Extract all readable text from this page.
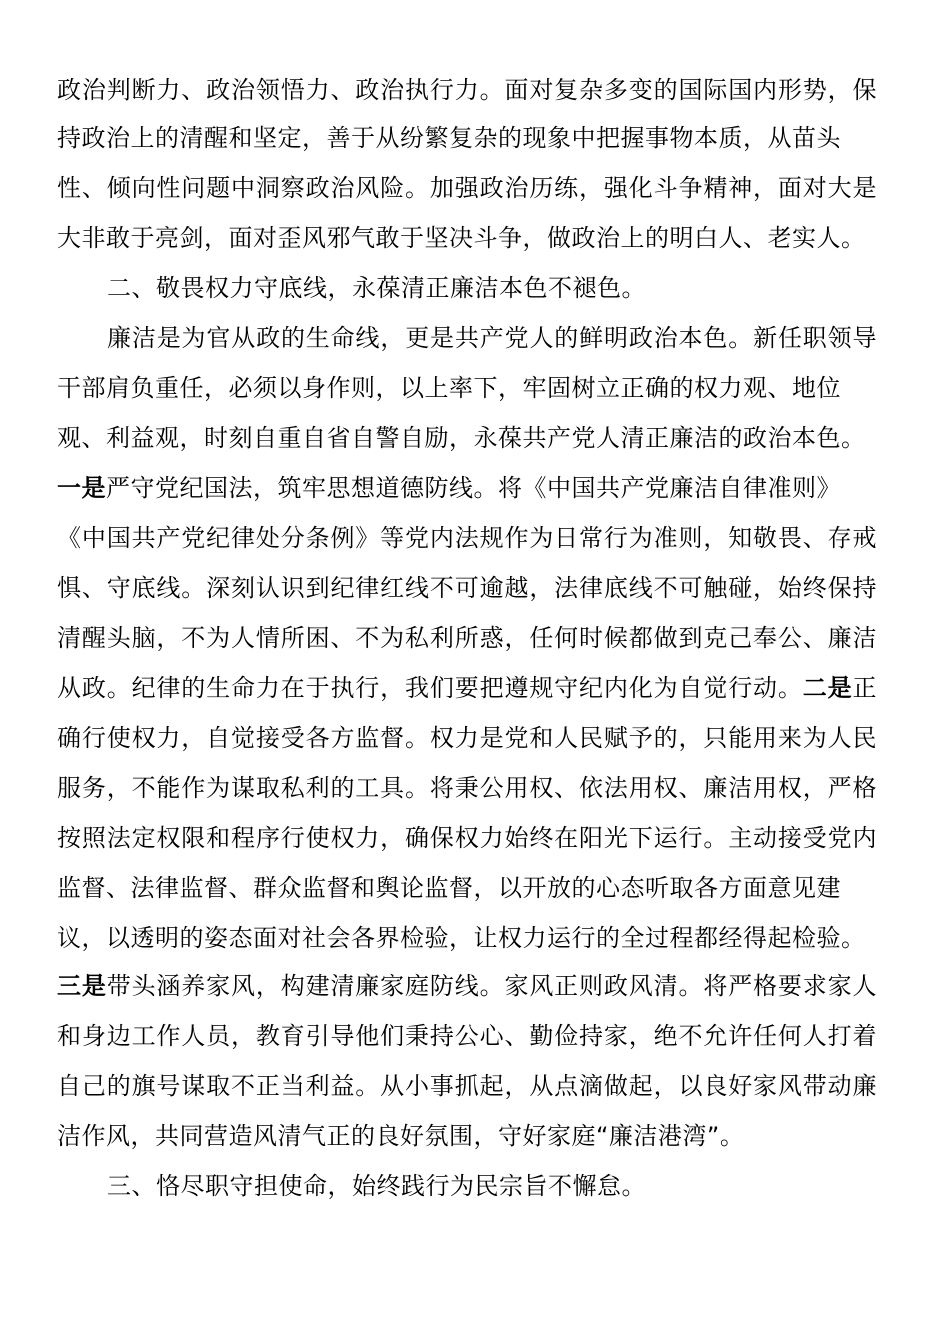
政治判断力、政治领悟力、政治执行力。面对复杂多变的国际国内形势，保
持政治上的清醒和坚定，善于从纷繁复杂的现象中把握事物本质，从苗头
性、倾向性问题中洞察政治风险。加强政治历练，强化斗争精神，面对大是
大非敢于亮剑，面对歪风邪气敢于坚决斗争，做政治上的明白人、老实人。
二、敬畏权力守底线，永葆清正廉洁本色不褪色。
廉洁是为官从政的生命线，更是共产党人的鲜明政治本色。新任职领导
干部肩负重任，必须以身作则，以上率下，牢固树立正确的权力观、地位
观、利益观，时刻自重自省自警自励，永葆共产党人清正廉洁的政治本色。
一是严守党纪国法，筑牢思想道德防线。将《中国共产党廉洁自律准则》
《中国共产党纪律处分条例》等党内法规作为日常行为准则，知敬畏、存戒
惧、守底线。深刻认识到纪律红线不可逾越，法律底线不可触碰，始终保持
清醒头脑，不为人情所困、不为私利所惑，任何时候都做到克己奉公、廉洁
从政。纪律的生命力在于执行，我们要把遵规守纪内化为自觉行动。二是正
确行使权力，自觉接受各方监督。权力是党和人民赋予的，只能用来为人民
服务，不能作为谋取私利的工具。将秉公用权、依法用权、廉洁用权，严格
按照法定权限和程序行使权力，确保权力始终在阳光下运行。主动接受党内
监督、法律监督、群众监督和舆论监督，以开放的心态听取各方面意见建
议，以透明的姿态面对社会各界检验，让权力运行的全过程都经得起检验。
三是带头涵养家风，构建清廉家庭防线。家风正则政风清。将严格要求家人
和身边工作人员，教育引导他们秉持公心、勤俭持家，绝不允许任何人打着
自己的旗号谋取不正当利益。从小事抓起，从点滴做起，以良好家风带动廉
洁作风，共同营造风清气正的良好氛围，守好家庭“廉洁港湾”。
三、恪尽职守担使命，始终践行为民宗旨不懈怠。
